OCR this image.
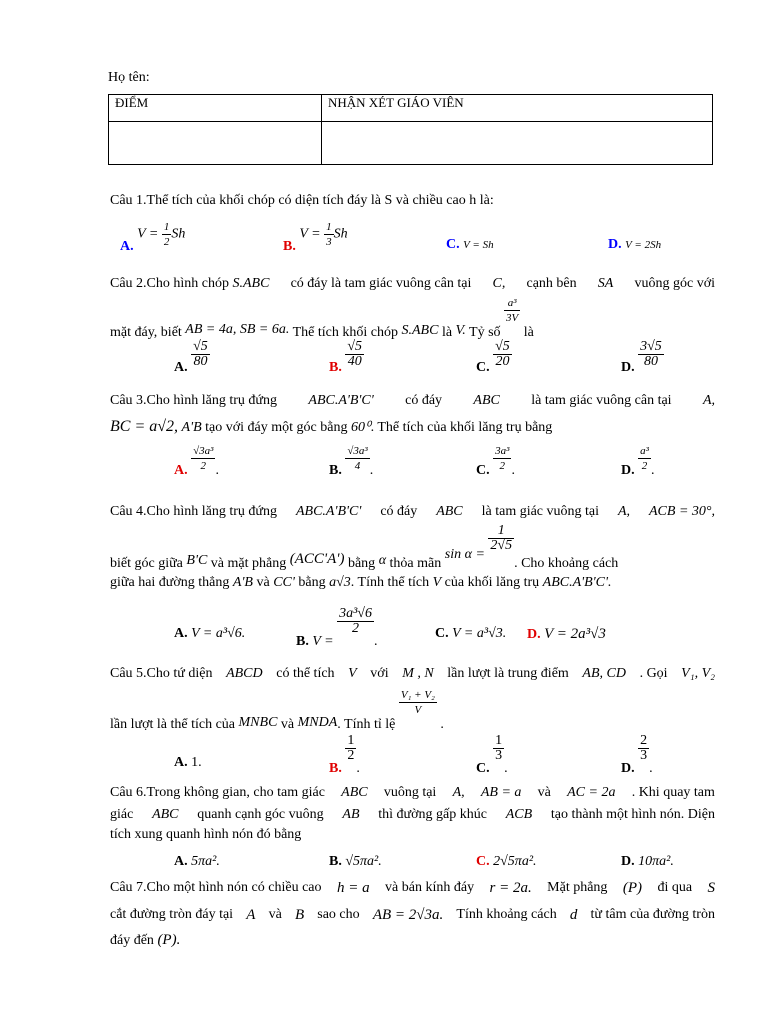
Họ tên:
ĐIỂM	NHẬN XÉT GIÁO VIÊN

Câu 1.Thể tích của khối chóp có diện tích đáy là S và chiều cao h là:
A. $V = \frac{1}{2}$ Sh
B. $V = \frac{1}{3}$ Sh
C. V = Sh	D. V = 2Sh
Câu 2.Cho hình chóp S.ABC có đáy là tam giác vuông cân tại C, cạnh bên SA vuông góc với
mặt đáy, biết AB = 4a, SB = 6a. Thể tích khối chóp S.ABC là V. Tỷ số
$\frac{\text{a³}}{3V}$
là
A. $\frac{√5}{80}$	B. $\frac{√5}{40}$	C. $\frac{√5}{20}$	D. $\frac{3√5}{80}$
Câu 3.Cho hình lăng trụ đứng ABC.A'B'C' có đáy ABC là tam giác vuông cân tại A,
BC = a√2, A'B tạo với đáy một góc bằng 60⁰. Thể tích của khối lăng trụ bằng
A. $\frac{\text{√3a³}}{2}$ .	B. $\frac{\text{√3a³}}{4}$ .	C. $\frac{\text{3a³}}{2}$ .	D. $\frac{\text{a³}}{2}$ .
Câu 4.Cho hình lăng trụ đứng ABC.A'B'C' có đáy ABC là tam giác vuông tại A, ACB = 30°,
biết góc giữa B'C và mặt phẳng (ACC'A') bằng α thỏa mãn sin α =
$\frac{1}{2√5}$
. Cho khoảng cách
giữa hai đường thẳng A'B và CC' bằng a√3. Tính thể tích V của khối lăng trụ ABC.A'B'C'.
A. V = a³√6.
B. V =
$\frac{\text{3a³√6}}{2}$
.
C. V = a³√3. D. V = 2a³√3
Câu 5.Cho tứ diện ABCD có thể tích V với M , N lần lượt là trung điểm AB, CD . Gọi V₁, V₂
lần lượt là thể tích của MNBC và MNDA. Tính tỉ lệ
$\frac{\text{V₁ + V₂}}{V}$
.
A. 1.	B.
$\frac{1}{2}$
.	C.
$\frac{1}{3}$
.	D.
$\frac{2}{3}$
.
Câu 6.Trong không gian, cho tam giác ABC vuông tại A, AB = a và AC = 2a . Khi quay tam
giác ABC quanh cạnh góc vuông AB thì đường gấp khúc ACB tạo thành một hình nón. Diện
tích xung quanh hình nón đó bằng
A. 5πa².	B. √5πa².	C. 2√5πa².	D. 10πa².
Câu 7.Cho một hình nón có chiều cao h = a và bán kính đáy r = 2a. Mặt phẳng (P) đi qua S
cắt đường tròn đáy tại A và B sao cho AB = 2√3a. Tính khoảng cách d từ tâm của đường tròn
đáy đến (P).
